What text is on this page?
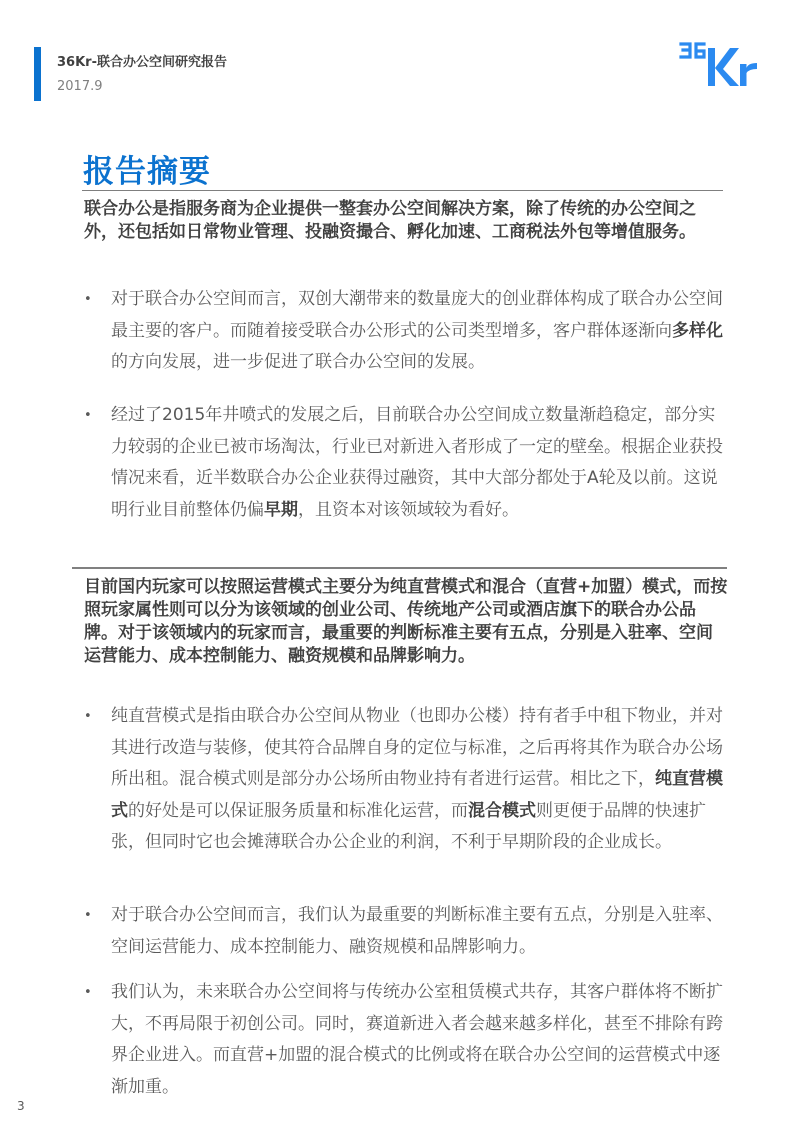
36Kr-联合办公空间研究报告
2017.9
报告摘要
联合办公是指服务商为企业提供一整套办公空间解决方案，除了传统的办公空间之外，还包括如日常物业管理、投融资撮合、孵化加速、工商税法外包等增值服务。
•	对于联合办公空间而言，双创大潮带来的数量庞大的创业群体构成了联合办公空间最主要的客户。而随着接受联合办公形式的公司类型增多，客户群体逐渐向多样化的方向发展，进一步促进了联合办公空间的发展。
•	经过了2015年井喷式的发展之后，目前联合办公空间成立数量渐趋稳定，部分实力较弱的企业已被市场淘汰，行业已对新进入者形成了一定的壁垒。根据企业获投情况来看，近半数联合办公企业获得过融资，其中大部分都处于A轮及以前。这说明行业目前整体仍偏早期，且资本对该领域较为看好。
目前国内玩家可以按照运营模式主要分为纯直营模式和混合（直营+加盟）模式，而按照玩家属性则可以分为该领域的创业公司、传统地产公司或酒店旗下的联合办公品牌。对于该领域内的玩家而言，最重要的判断标准主要有五点，分别是入驻率、空间运营能力、成本控制能力、融资规模和品牌影响力。
•	纯直营模式是指由联合办公空间从物业（也即办公楼）持有者手中租下物业，并对其进行改造与装修，使其符合品牌自身的定位与标准，之后再将其作为联合办公场所出租。混合模式则是部分办公场所由物业持有者进行运营。相比之下，纯直营模式的好处是可以保证服务质量和标准化运营，而混合模式则更便于品牌的快速扩张，但同时它也会摊薄联合办公企业的利润，不利于早期阶段的企业成长。
•	对于联合办公空间而言，我们认为最重要的判断标准主要有五点，分别是入驻率、空间运营能力、成本控制能力、融资规模和品牌影响力。
•	我们认为，未来联合办公空间将与传统办公室租赁模式共存，其客户群体将不断扩大，不再局限于初创公司。同时，赛道新进入者会越来越多样化，甚至不排除有跨界企业进入。而直营+加盟的混合模式的比例或将在联合办公空间的运营模式中逐渐加重。
3
